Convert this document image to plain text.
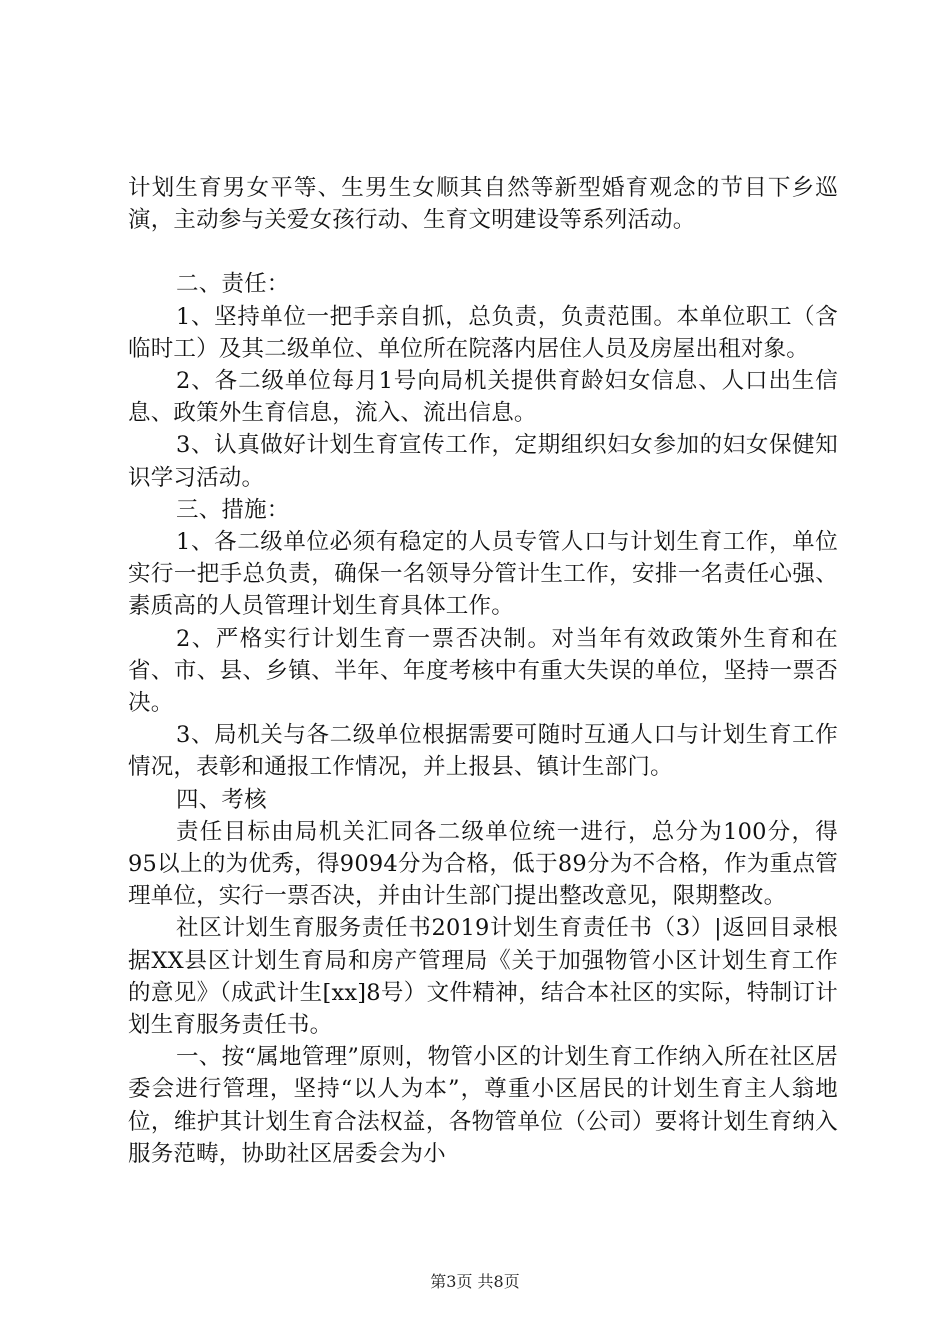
计划生育男女平等、生男生女顺其自然等新型婚育观念的节目下乡巡演，主动参与关爱女孩行动、生育文明建设等系列活动。

二、责任：

1、坚持单位一把手亲自抓，总负责，负责范围。本单位职工（含临时工）及其二级单位、单位所在院落内居住人员及房屋出租对象。

2、各二级单位每月1号向局机关提供育龄妇女信息、人口出生信息、政策外生育信息，流入、流出信息。

3、认真做好计划生育宣传工作，定期组织妇女参加的妇女保健知识学习活动。

三、措施：

1、各二级单位必须有稳定的人员专管人口与计划生育工作，单位实行一把手总负责，确保一名领导分管计生工作，安排一名责任心强、素质高的人员管理计划生育具体工作。

2、严格实行计划生育一票否决制。对当年有效政策外生育和在省、市、县、乡镇、半年、年度考核中有重大失误的单位，坚持一票否决。

3、局机关与各二级单位根据需要可随时互通人口与计划生育工作情况，表彰和通报工作情况，并上报县、镇计生部门。

四、考核

责任目标由局机关汇同各二级单位统一进行，总分为100分，得95以上的为优秀，得9094分为合格，低于89分为不合格，作为重点管理单位，实行一票否决，并由计生部门提出整改意见，限期整改。

社区计划生育服务责任书2019计划生育责任书（3）|返回目录根据XX县区计划生育局和房产管理局《关于加强物管小区计划生育工作的意见》（成武计生[xx]8号）文件精神，结合本社区的实际，特制订计划生育服务责任书。

一、按“属地管理”原则，物管小区的计划生育工作纳入所在社区居委会进行管理，坚持“以人为本”，尊重小区居民的计划生育主人翁地位，维护其计划生育合法权益，各物管单位（公司）要将计划生育纳入服务范畴，协助社区居委会为小

第3页 共8页
